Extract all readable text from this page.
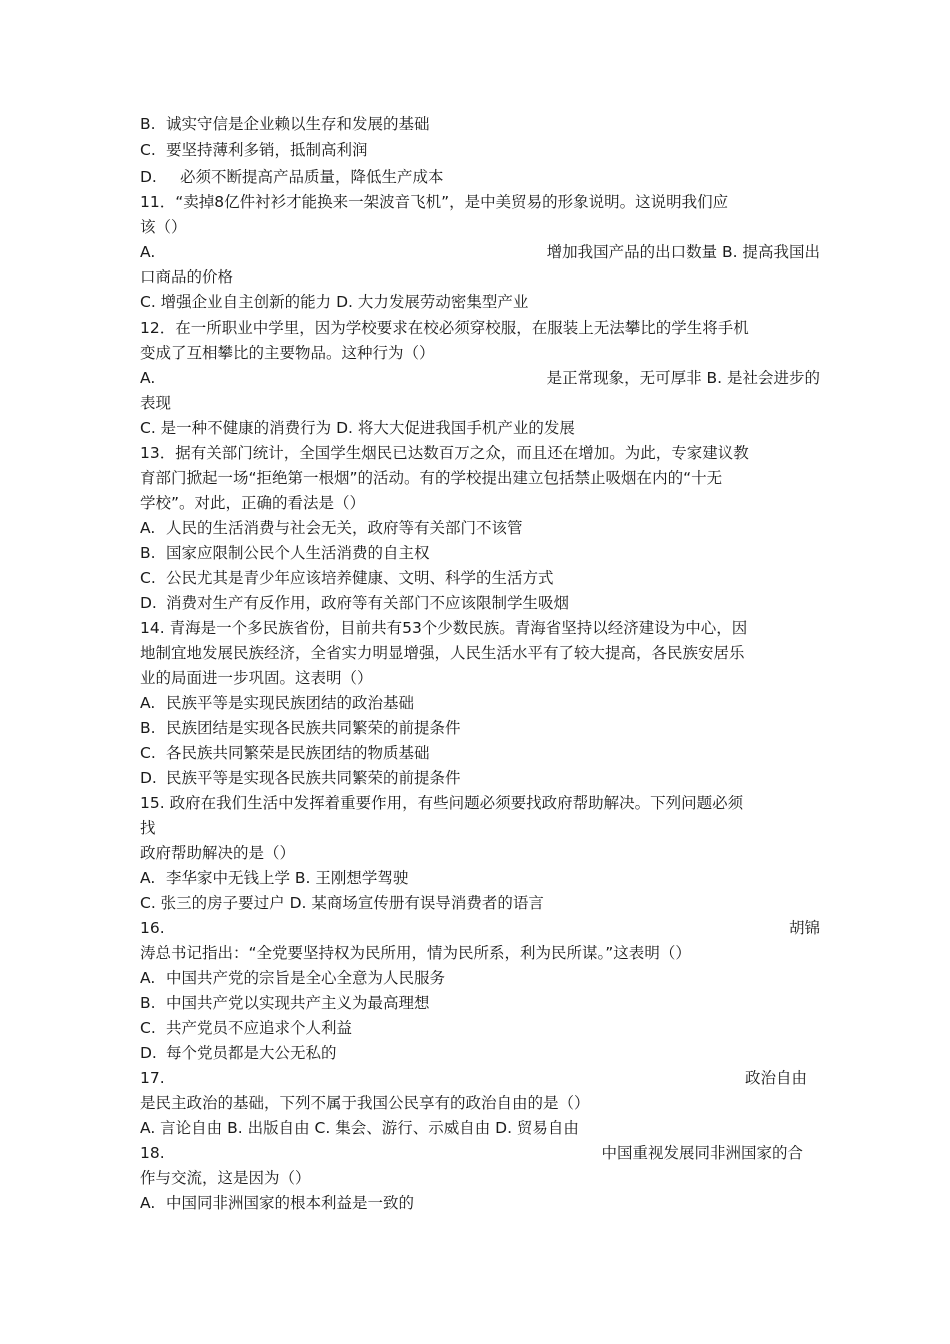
B. 诚实守信是企业赖以生存和发展的基础
C. 要坚持薄利多销，抵制高利润
D. 必须不断提高产品质量，降低生产成本
11．“卖掉8亿件衬衫才能换来一架波音飞机”，是中美贸易的形象说明。这说明我们应
该（）
A.	增加我国产品的出口数量 B. 提高我国出
口商品的价格
C. 增强企业自主创新的能力 D. 大力发展劳动密集型产业
12．在一所职业中学里，因为学校要求在校必须穿校服，在服装上无法攀比的学生将手机
变成了互相攀比的主要物品。这种行为（）
A.	是正常现象，无可厚非 B. 是社会进步的
表现
C. 是一种不健康的消费行为 D. 将大大促进我国手机产业的发展
13．据有关部门统计，全国学生烟民已达数百万之众，而且还在增加。为此，专家建议教
育部门掀起一场“拒绝第一根烟”的活动。有的学校提出建立包括禁止吸烟在内的“十无
学校”。对此，正确的看法是（）
A. 人民的生活消费与社会无关，政府等有关部门不该管
B. 国家应限制公民个人生活消费的自主权
C. 公民尤其是青少年应该培养健康、文明、科学的生活方式
D. 消费对生产有反作用，政府等有关部门不应该限制学生吸烟
14. 青海是一个多民族省份，目前共有53个少数民族。青海省坚持以经济建设为中心，因
地制宜地发展民族经济，全省实力明显增强，人民生活水平有了较大提高，各民族安居乐
业的局面进一步巩固。这表明（）
A. 民族平等是实现民族团结的政治基础
B. 民族团结是实现各民族共同繁荣的前提条件
C. 各民族共同繁荣是民族团结的物质基础
D. 民族平等是实现各民族共同繁荣的前提条件
15. 政府在我们生活中发挥着重要作用，有些问题必须要找政府帮助解决。下列问题必须
找
政府帮助解决的是（）
A. 李华家中无钱上学 B. 王刚想学驾驶
C. 张三的房子要过户 D. 某商场宣传册有误导消费者的语言
16.	胡锦
涛总书记指出：“全党要坚持权为民所用，情为民所系，利为民所谋。”这表明（）
A. 中国共产党的宗旨是全心全意为人民服务
B. 中国共产党以实现共产主义为最高理想
C. 共产党员不应追求个人利益
D. 每个党员都是大公无私的
17.	政治自由
是民主政治的基础，下列不属于我国公民享有的政治自由的是（）
A. 言论自由 B. 出版自由 C. 集会、游行、示威自由 D. 贸易自由
18.	中国重视发展同非洲国家的合
作与交流，这是因为（）
A. 中国同非洲国家的根本利益是一致的
